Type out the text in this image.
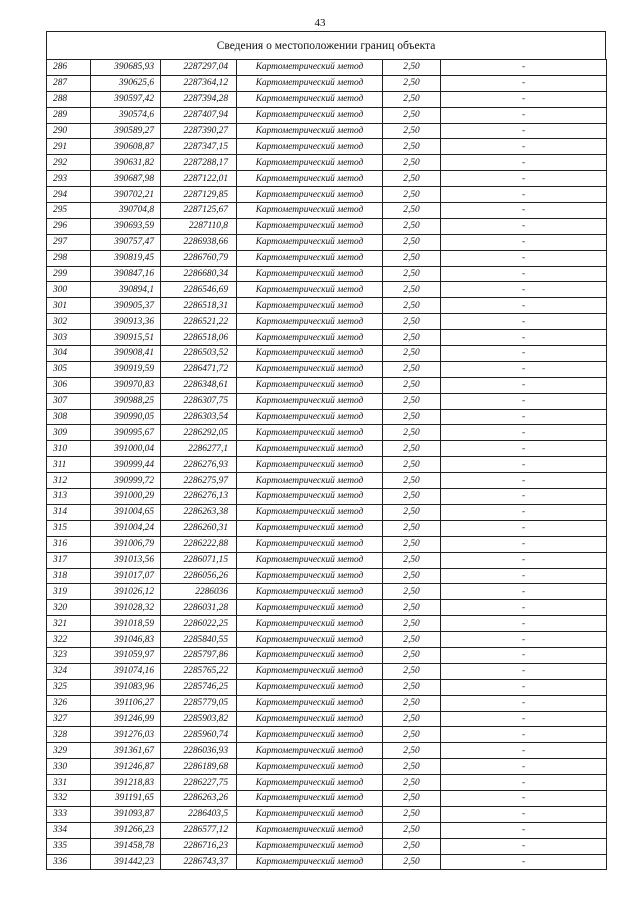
43
Сведения о местоположении границ объекта
286	390685,93	2287297,04	Картометрический метод	2,50	-
287	390625,6	2287364,12	Картометрический метод	2,50	-
288	390597,42	2287394,28	Картометрический метод	2,50	-
289	390574,6	2287407,94	Картометрический метод	2,50	-
290	390589,27	2287390,27	Картометрический метод	2,50	-
291	390608,87	2287347,15	Картометрический метод	2,50	-
292	390631,82	2287288,17	Картометрический метод	2,50	-
293	390687,98	2287122,01	Картометрический метод	2,50	-
294	390702,21	2287129,85	Картометрический метод	2,50	-
295	390704,8	2287125,67	Картометрический метод	2,50	-
296	390693,59	2287110,8	Картометрический метод	2,50	-
297	390757,47	2286938,66	Картометрический метод	2,50	-
298	390819,45	2286760,79	Картометрический метод	2,50	-
299	390847,16	2286680,34	Картометрический метод	2,50	-
300	390894,1	2286546,69	Картометрический метод	2,50	-
301	390905,37	2286518,31	Картометрический метод	2,50	-
302	390913,36	2286521,22	Картометрический метод	2,50	-
303	390915,51	2286518,06	Картометрический метод	2,50	-
304	390908,41	2286503,52	Картометрический метод	2,50	-
305	390919,59	2286471,72	Картометрический метод	2,50	-
306	390970,83	2286348,61	Картометрический метод	2,50	-
307	390988,25	2286307,75	Картометрический метод	2,50	-
308	390990,05	2286303,54	Картометрический метод	2,50	-
309	390995,67	2286292,05	Картометрический метод	2,50	-
310	391000,04	2286277,1	Картометрический метод	2,50	-
311	390999,44	2286276,93	Картометрический метод	2,50	-
312	390999,72	2286275,97	Картометрический метод	2,50	-
313	391000,29	2286276,13	Картометрический метод	2,50	-
314	391004,65	2286263,38	Картометрический метод	2,50	-
315	391004,24	2286260,31	Картометрический метод	2,50	-
316	391006,79	2286222,88	Картометрический метод	2,50	-
317	391013,56	2286071,15	Картометрический метод	2,50	-
318	391017,07	2286056,26	Картометрический метод	2,50	-
319	391026,12	2286036	Картометрический метод	2,50	-
320	391028,32	2286031,28	Картометрический метод	2,50	-
321	391018,59	2286022,25	Картометрический метод	2,50	-
322	391046,83	2285840,55	Картометрический метод	2,50	-
323	391059,97	2285797,86	Картометрический метод	2,50	-
324	391074,16	2285765,22	Картометрический метод	2,50	-
325	391083,96	2285746,25	Картометрический метод	2,50	-
326	391106,27	2285779,05	Картометрический метод	2,50	-
327	391246,99	2285903,82	Картометрический метод	2,50	-
328	391276,03	2285960,74	Картометрический метод	2,50	-
329	391361,67	2286036,93	Картометрический метод	2,50	-
330	391246,87	2286189,68	Картометрический метод	2,50	-
331	391218,83	2286227,75	Картометрический метод	2,50	-
332	391191,65	2286263,26	Картометрический метод	2,50	-
333	391093,87	2286403,5	Картометрический метод	2,50	-
334	391266,23	2286577,12	Картометрический метод	2,50	-
335	391458,78	2286716,23	Картометрический метод	2,50	-
336	391442,23	2286743,37	Картометрический метод	2,50	-
